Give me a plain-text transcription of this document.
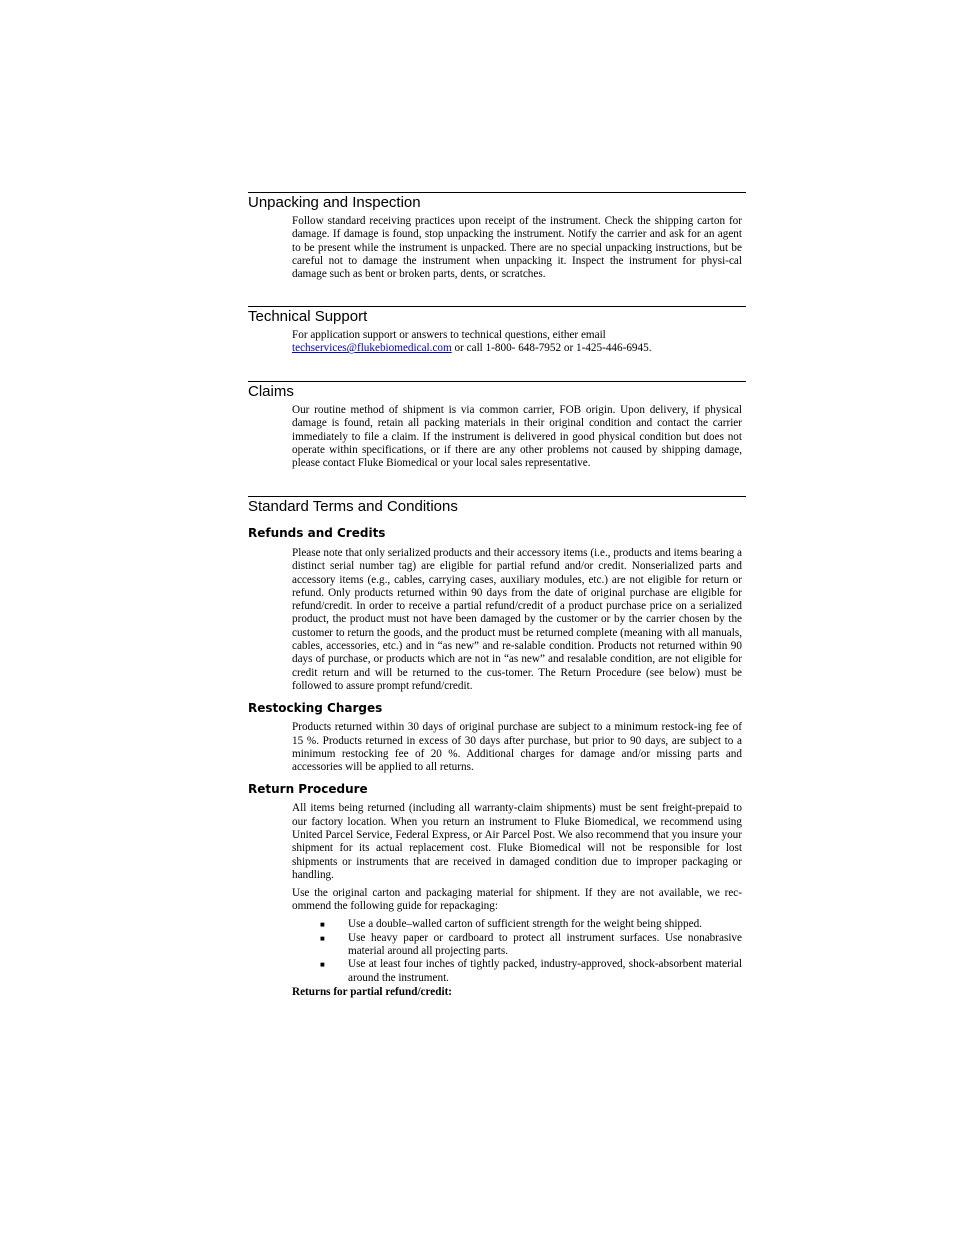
Unpacking and Inspection

Follow standard receiving practices upon receipt of the instrument. Check the shipping carton for damage. If damage is found, stop unpacking the instrument. Notify the carrier and ask for an agent to be present while the instrument is unpacked. There are no special unpacking instructions, but be careful not to damage the instrument when unpacking it. Inspect the instrument for physi-cal damage such as bent or broken parts, dents, or scratches.

Technical Support

For application support or answers to technical questions, either email
techservices@flukebiomedical.com or call 1-800- 648-7952 or 1-425-446-6945.

Claims

Our routine method of shipment is via common carrier, FOB origin. Upon delivery, if physical damage is found, retain all packing materials in their original condition and contact the carrier immediately to file a claim. If the instrument is delivered in good physical condition but does not operate within specifications, or if there are any other problems not caused by shipping damage, please contact Fluke Biomedical or your local sales representative.

Standard Terms and Conditions
Refunds and Credits

Please note that only serialized products and their accessory items (i.e., products and items bearing a distinct serial number tag) are eligible for partial refund and/or credit. Nonserialized parts and accessory items (e.g., cables, carrying cases, auxiliary modules, etc.) are not eligible for return or refund. Only products returned within 90 days from the date of original purchase are eligible for refund/credit. In order to receive a partial refund/credit of a product purchase price on a serialized product, the product must not have been damaged by the customer or by the carrier chosen by the customer to return the goods, and the product must be returned complete (meaning with all manuals, cables, accessories, etc.) and in “as new” and re-salable condition. Products not returned within 90 days of purchase, or products which are not in “as new” and resalable condition, are not eligible for credit return and will be returned to the cus-tomer. The Return Procedure (see below) must be followed to assure prompt refund/credit.

Restocking Charges

Products returned within 30 days of original purchase are subject to a minimum restock-ing fee of 15 %. Products returned in excess of 30 days after purchase, but prior to 90 days, are subject to a minimum restocking fee of 20 %. Additional charges for damage and/or missing parts and accessories will be applied to all returns.

Return Procedure

All items being returned (including all warranty-claim shipments) must be sent freight-prepaid to our factory location. When you return an instrument to Fluke Biomedical, we recommend using United Parcel Service, Federal Express, or Air Parcel Post. We also recommend that you insure your shipment for its actual replacement cost. Fluke Biomedical will not be responsible for lost shipments or instruments that are received in damaged condition due to improper packaging or handling.

Use the original carton and packaging material for shipment. If they are not available, we rec-ommend the following guide for repackaging:

■ Use a double–walled carton of sufficient strength for the weight being shipped.
■ Use heavy paper or cardboard to protect all instrument surfaces. Use nonabrasive material around all projecting parts.
■ Use at least four inches of tightly packed, industry-approved, shock-absorbent material around the instrument.

Returns for partial refund/credit:
